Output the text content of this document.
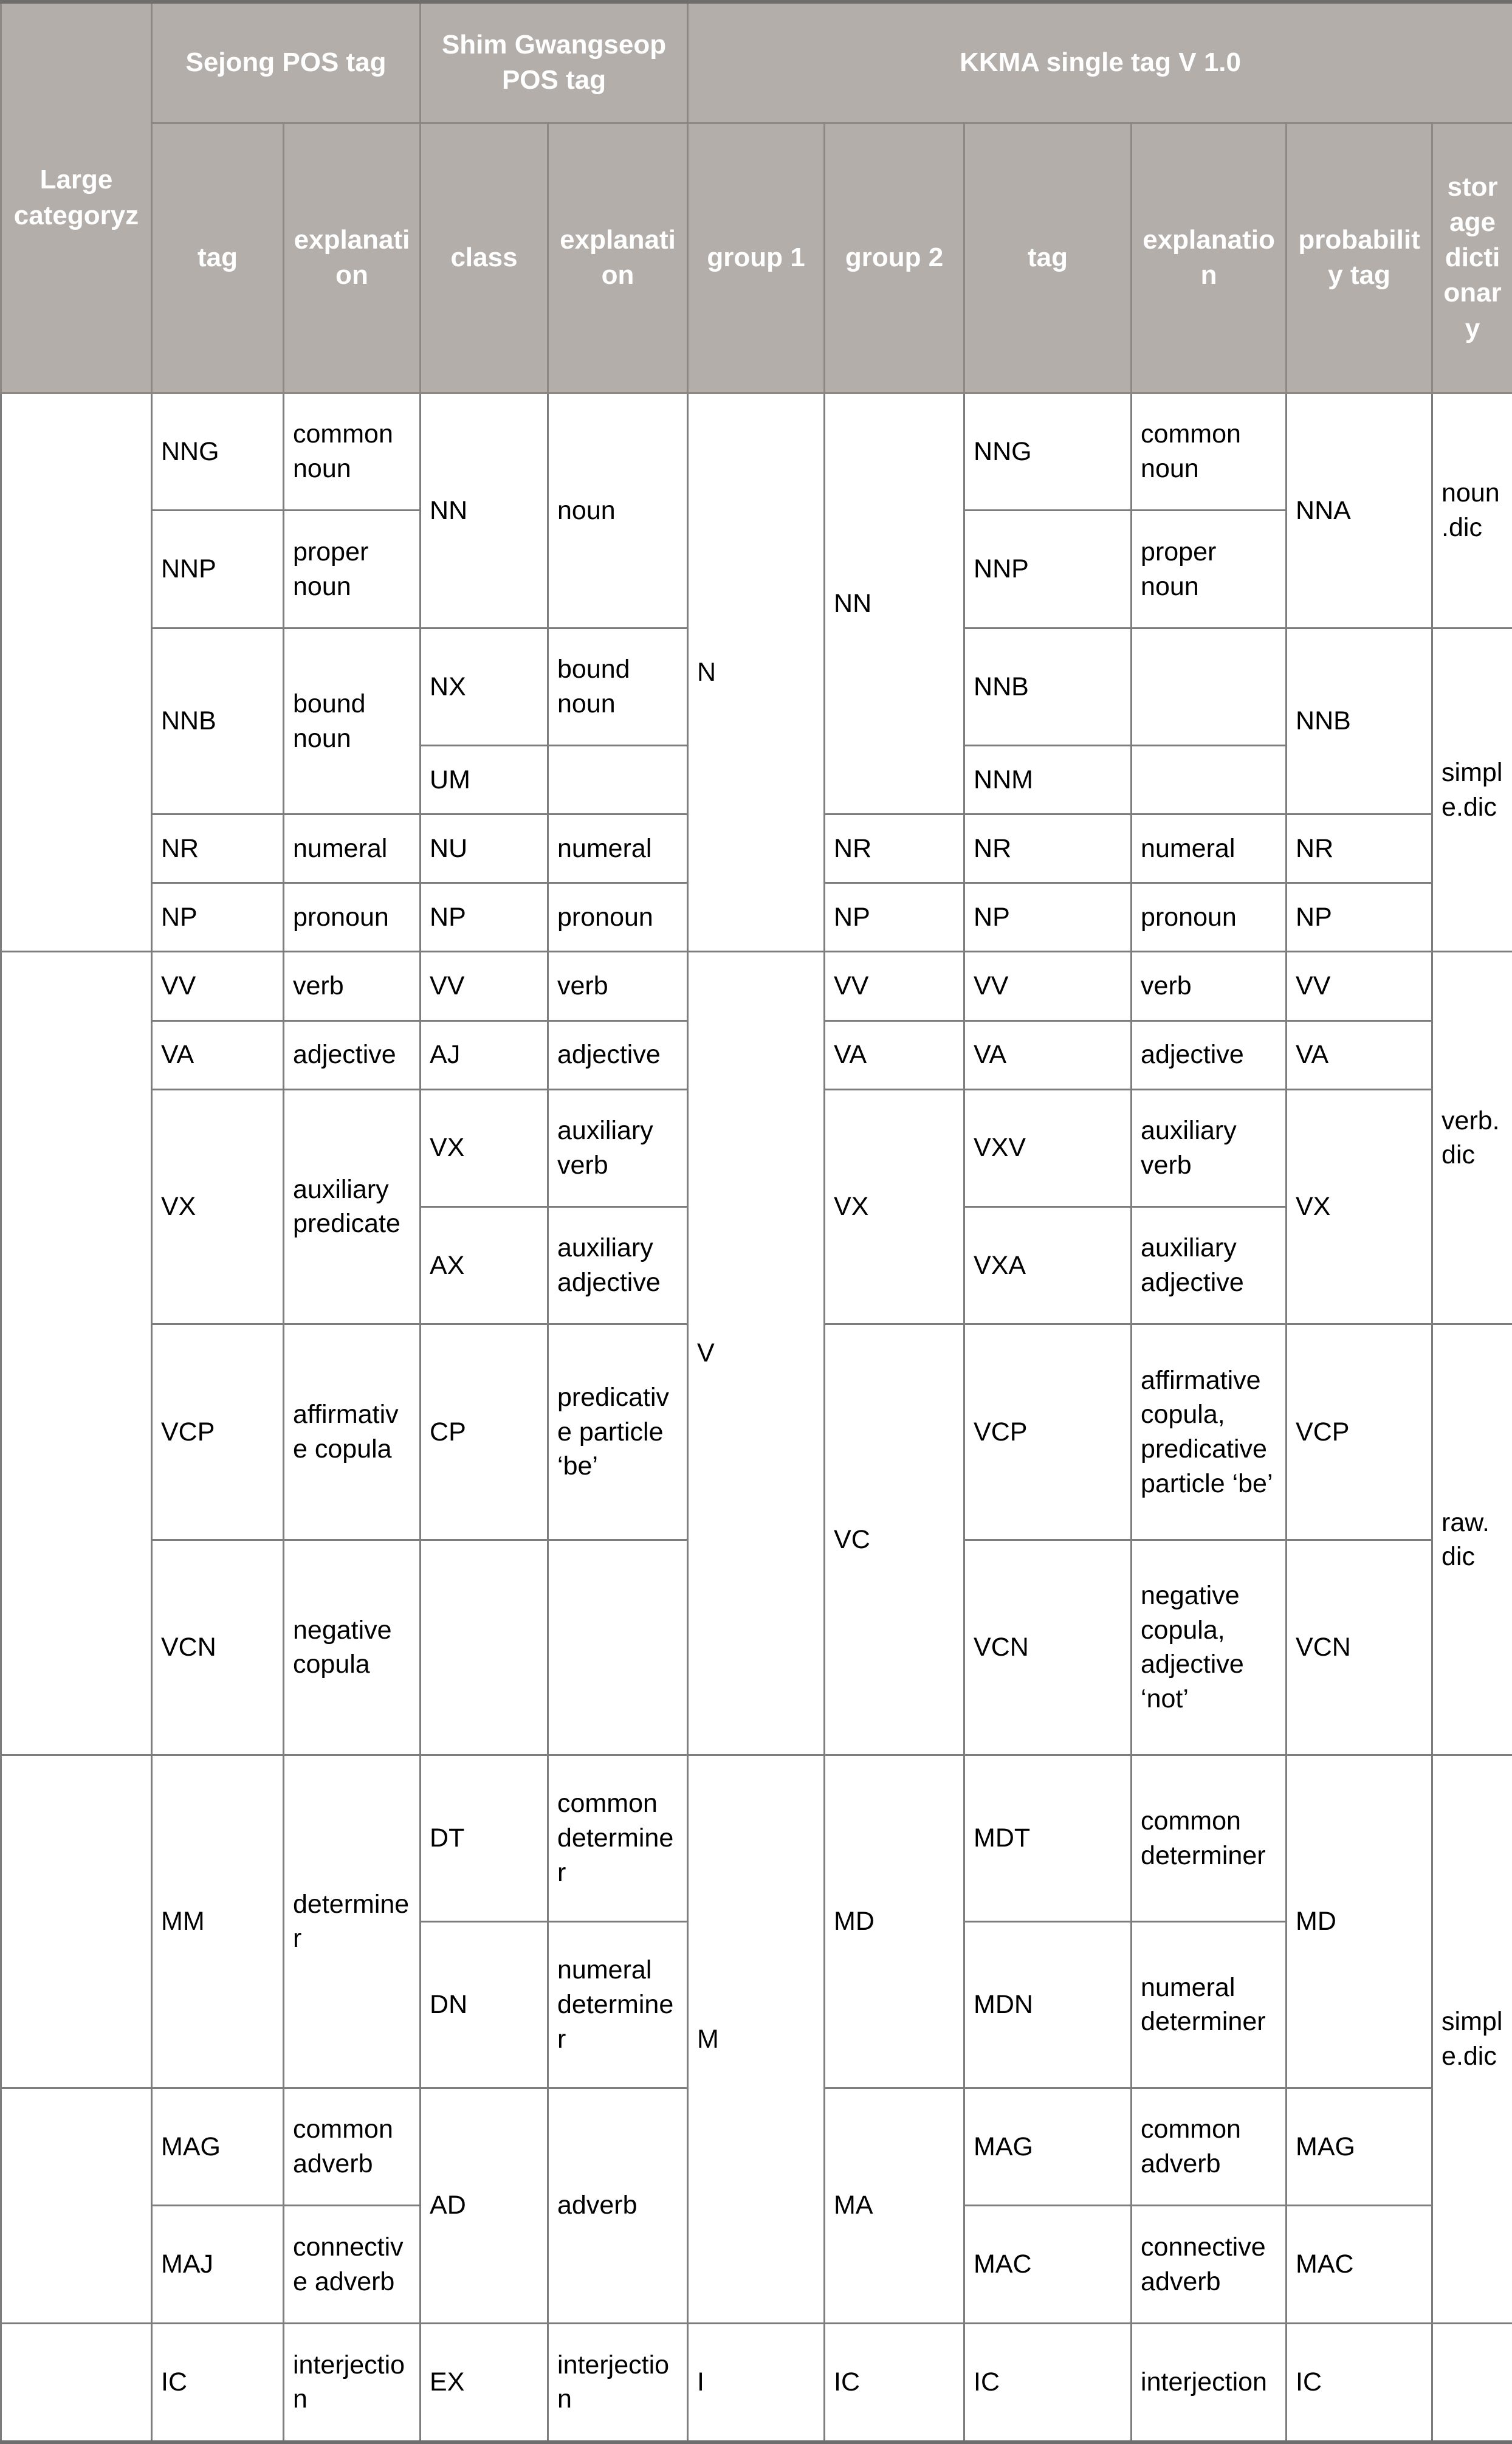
Large categoryz	Sejong POS tag		Shim Gwangseop POS tag		KKMA single tag V 1.0					
	tag	explanation	class	explanation	group 1	group 2	tag	explanation	probability tag	storage dictionary
substantive	NNG	common noun	NN	noun	N	NN	NNG	common noun	NNA	noun.dic
	NNP	proper noun					NNP	proper noun		
	NNB	bound noun	NX	bound noun			NNB		NNB	simple.dic
			UM				NNM			
	NR	numeral	NU	numeral		NR	NR	numeral	NR	
	NP	pronoun	NP	pronoun		NP	NP	pronoun	NP	
predicate	VV	verb	VV	verb	V	VV	VV	verb	VV	verb.dic
	VA	adjective	AJ	adjective		VA	VA	adjective	VA	
	VX	auxiliary predicate	VX	auxiliary verb		VX	VXV	auxiliary verb	VX	
			AX	auxiliary adjective			VXA	auxiliary adjective		
	VCP	affirmative copula	CP	predicative particle ‘be’		VC	VCP	affirmative copula, predicative particle ‘be’	VCP	raw.dic
	VCN	negative copula					VCN	negative copula, adjective ‘not’	VCN	
determiner	MM	determiner	DT	common determiner	M	MD	MDT	common determiner	MD	simple.dic
			DN	numeral determiner			MDN	numeral determiner		
adverb	MAG	common adverb	AD	adverb		MA	MAG	common adverb	MAG	
	MAJ	connective adverb					MAC	connective adverb	MAC	
interjection	IC	interjection	EX	interjection	I	IC	IC	interjection	IC	
